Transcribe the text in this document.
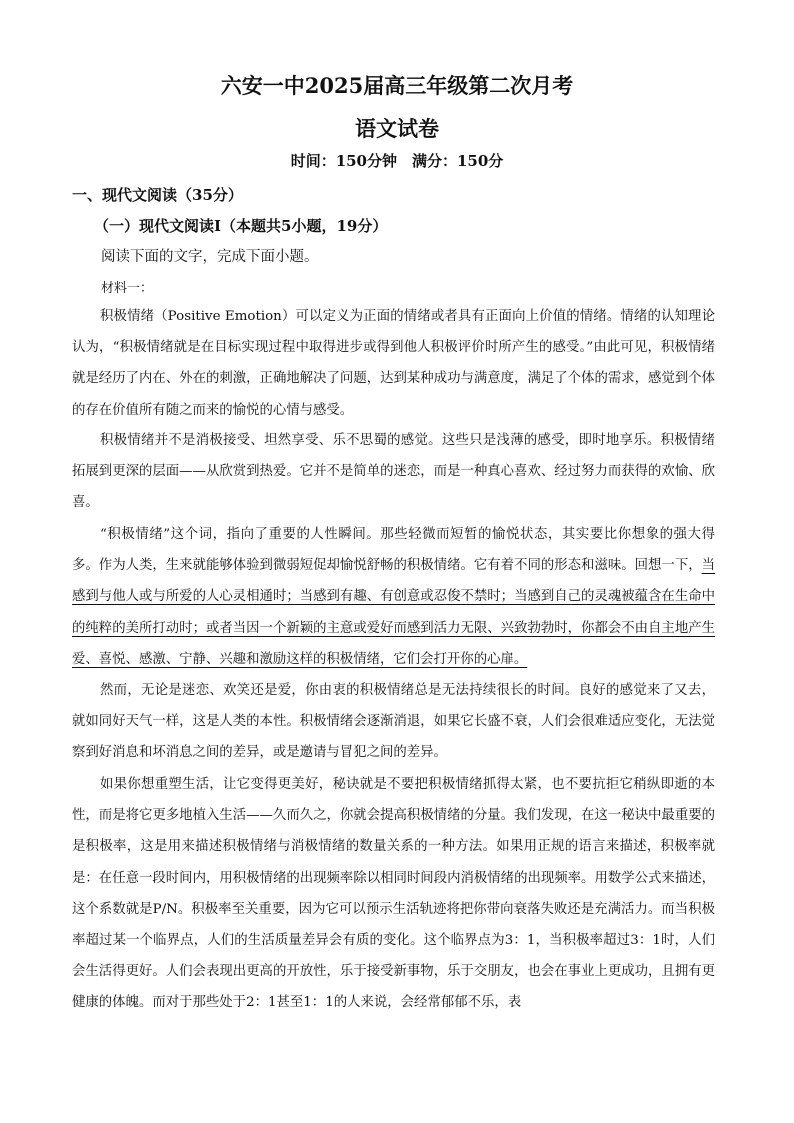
六安一中2025届高三年级第二次月考
语文试卷
时间：150分钟　满分：150分
一、现代文阅读（35分）
（一）现代文阅读Ⅰ（本题共5小题，19分）
阅读下面的文字，完成下面小题。
材料一：

积极情绪（Positive Emotion）可以定义为正面的情绪或者具有正面向上价值的情绪。情绪的认知理论认为，“积极情绪就是在目标实现过程中取得进步或得到他人积极评价时所产生的感受。”由此可见，积极情绪就是经历了内在、外在的刺激，正确地解决了问题，达到某种成功与满意度，满足了个体的需求，感觉到个体的存在价值所有随之而来的愉悦的心情与感受。

积极情绪并不是消极接受、坦然享受、乐不思蜀的感觉。这些只是浅薄的感受，即时地享乐。积极情绪拓展到更深的层面——从欣赏到热爱。它并不是简单的迷恋，而是一种真心喜欢、经过努力而获得的欢愉、欣喜。

“积极情绪”这个词，指向了重要的人性瞬间。那些轻微而短暂的愉悦状态，其实要比你想象的强大得多。作为人类，生来就能够体验到微弱短促却愉悦舒畅的积极情绪。它有着不同的形态和滋味。回想一下，当感到与他人或与所爱的人心灵相通时；当感到有趣、有创意或忍俊不禁时；当感到自己的灵魂被蕴含在生命中的纯粹的美所打动时；或者当因一个新颖的主意或爱好而感到活力无限、兴致勃勃时，你都会不由自主地产生爱、喜悦、感激、宁静、兴趣和激励这样的积极情绪，它们会打开你的心扉。

然而，无论是迷恋、欢笑还是爱，你由衷的积极情绪总是无法持续很长的时间。良好的感觉来了又去，就如同好天气一样，这是人类的本性。积极情绪会逐渐消退，如果它长盛不衰，人们会很难适应变化，无法觉察到好消息和坏消息之间的差异，或是邀请与冒犯之间的差异。

如果你想重塑生活，让它变得更美好，秘诀就是不要把积极情绪抓得太紧，也不要抗拒它稍纵即逝的本性，而是将它更多地植入生活——久而久之，你就会提高积极情绪的分量。我们发现，在这一秘诀中最重要的是积极率，这是用来描述积极情绪与消极情绪的数量关系的一种方法。如果用正规的语言来描述，积极率就是：在任意一段时间内，用积极情绪的出现频率除以相同时间段内消极情绪的出现频率。用数学公式来描述，这个系数就是P/N。积极率至关重要，因为它可以预示生活轨迹将把你带向衰落失败还是充满活力。而当积极率超过某一个临界点，人们的生活质量差异会有质的变化。这个临界点为3：1，当积极率超过3：1时，人们会生活得更好。人们会表现出更高的开放性，乐于接受新事物，乐于交朋友，也会在事业上更成功，且拥有更健康的体魄。而对于那些处于2：1甚至1：1的人来说，会经常郁郁不乐，表
